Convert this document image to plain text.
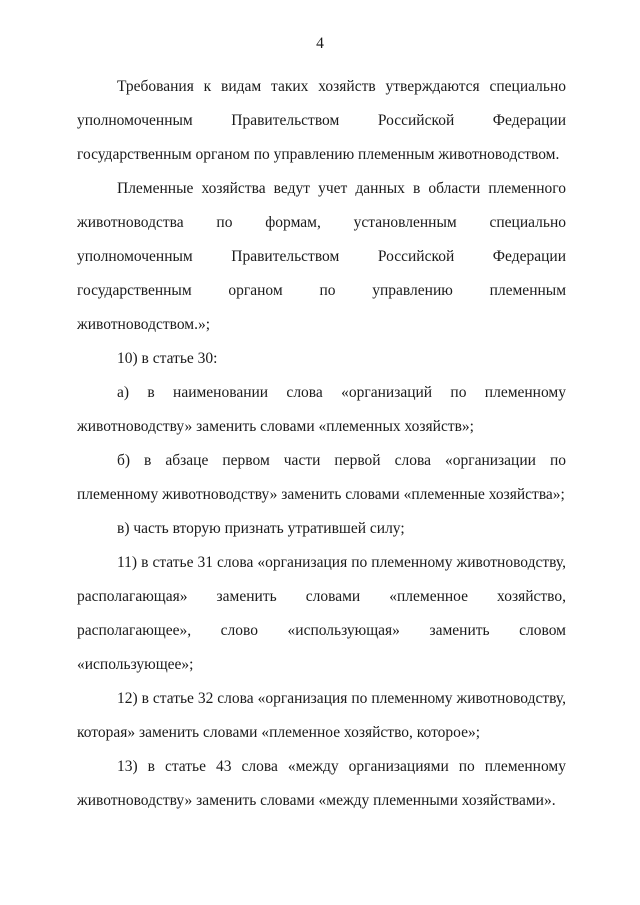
4

Требования к видам таких хозяйств утверждаются специально уполномоченным Правительством Российской Федерации государственным органом по управлению племенным животноводством.

Племенные хозяйства ведут учет данных в области племенного животноводства по формам, установленным специально уполномоченным Правительством Российской Федерации государственным органом по управлению племенным животноводством.»;

10) в статье 30:

а) в наименовании слова «организаций по племенному животноводству» заменить словами «племенных хозяйств»;

б) в абзаце первом части первой слова «организации по племенному животноводству» заменить словами «племенные хозяйства»;

в) часть вторую признать утратившей силу;

11) в статье 31 слова «организация по племенному животноводству, располагающая» заменить словами «племенное хозяйство, располагающее», слово «использующая» заменить словом «использующее»;

12) в статье 32 слова «организация по племенному животноводству, которая» заменить словами «племенное хозяйство, которое»;

13) в статье 43 слова «между организациями по племенному животноводству» заменить словами «между племенными хозяйствами».
